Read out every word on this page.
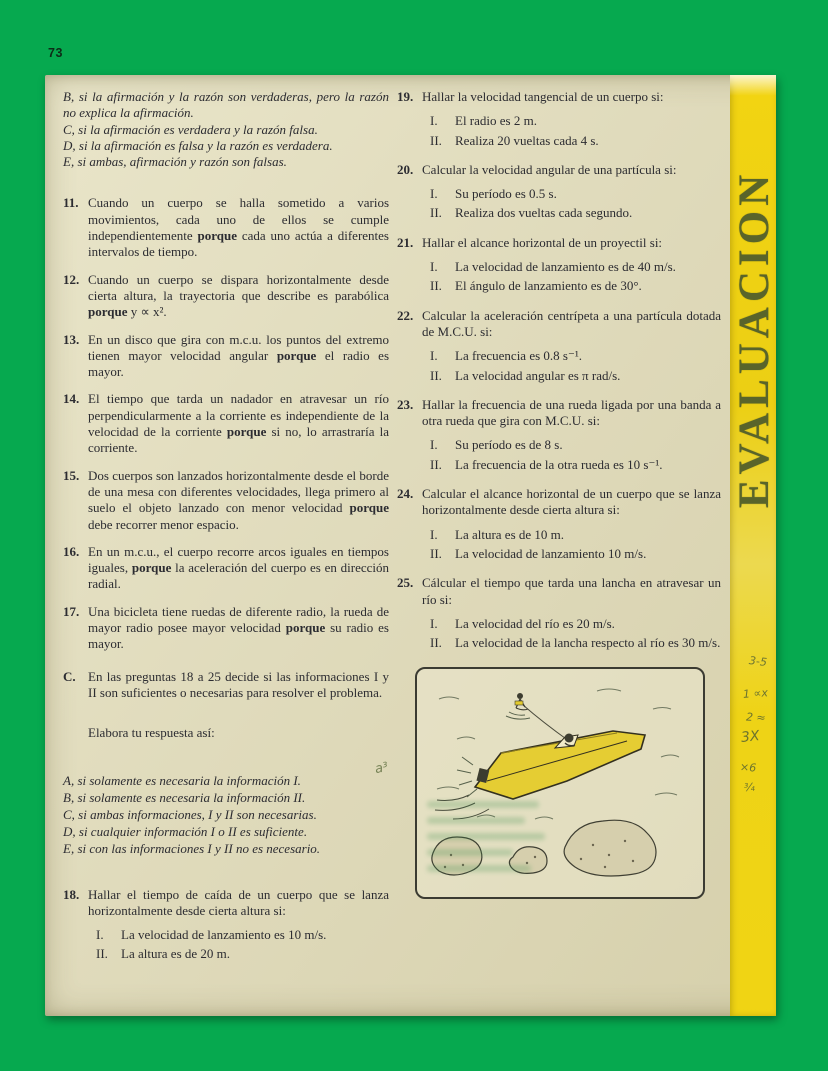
73

B, si la afirmación y la razón son verdaderas, pero la razón no explica la afirmación.

C, si la afirmación es verdadera y la razón falsa.

D, si la afirmación es falsa y la razón es verdadera.

E, si ambas, afirmación y razón son falsas.

11. Cuando un cuerpo se halla sometido a varios movimientos, cada uno de ellos se cumple independientemente porque cada uno actúa a diferentes intervalos de tiempo.

12. Cuando un cuerpo se dispara horizontalmente desde cierta altura, la trayectoria que describe es parabólica porque y ∝ x².

13. En un disco que gira con m.c.u. los puntos del extremo tienen mayor velocidad angular porque el radio es mayor.

14. El tiempo que tarda un nadador en atravesar un río perpendicularmente a la corriente es independiente de la velocidad de la corriente porque si no, lo arrastraría la corriente.

15. Dos cuerpos son lanzados horizontalmente desde el borde de una mesa con diferentes velocidades, llega primero al suelo el objeto lanzado con menor velocidad porque debe recorrer menor espacio.

16. En un m.c.u., el cuerpo recorre arcos iguales en tiempos iguales, porque la aceleración del cuerpo es en dirección radial.

17. Una bicicleta tiene ruedas de diferente radio, la rueda de mayor radio posee mayor velocidad porque su radio es mayor.

C. En las preguntas 18 a 25 decide si las informaciones I y II son suficientes o necesarias para resolver el problema.

Elabora tu respuesta así:

A, si solamente es necesaria la información I.

B, si solamente es necesaria la información II.

C, si ambas informaciones, I y II son necesarias.

D, si cualquier información I o II es suficiente.

E, si con las informaciones I y II no es necesario.

18. Hallar el tiempo de caída de un cuerpo que se lanza horizontalmente desde cierta altura si:

I.	La velocidad de lanzamiento es 10 m/s.
II.	La altura es de 20 m.
19. Hallar la velocidad tangencial de un cuerpo si:

I.	El radio es 2 m.
II.	Realiza 20 vueltas cada 4 s.
20. Calcular la velocidad angular de una partícula si:

I.	Su período es 0.5 s.
II.	Realiza dos vueltas cada segundo.
21. Hallar el alcance horizontal de un proyectil si:

I.	La velocidad de lanzamiento es de 40 m/s.
II.	El ángulo de lanzamiento es de 30°.
22. Calcular la aceleración centrípeta a una partícula dotada de M.C.U. si:

I.	La frecuencia es 0.8 s⁻¹.
II.	La velocidad angular es π rad/s.
23. Hallar la frecuencia de una rueda ligada por una banda a otra rueda que gira con M.C.U. si:

I.	Su período es de 8 s.
II.	La frecuencia de la otra rueda es 10 s⁻¹.
24. Calcular el alcance horizontal de un cuerpo que se lanza horizontalmente desde cierta altura si:

I.	La altura es de 10 m.
II.	La velocidad de lanzamiento 10 m/s.
25. Cálcular el tiempo que tarda una lancha en atravesar un río si:

I.	La velocidad del río es 20 m/s.
II.	La velocidad de la lancha respecto al río es 30 m/s.
EVALUACION
a³
3-5
1 ∝x
2 ≈
3X
×6
¾
